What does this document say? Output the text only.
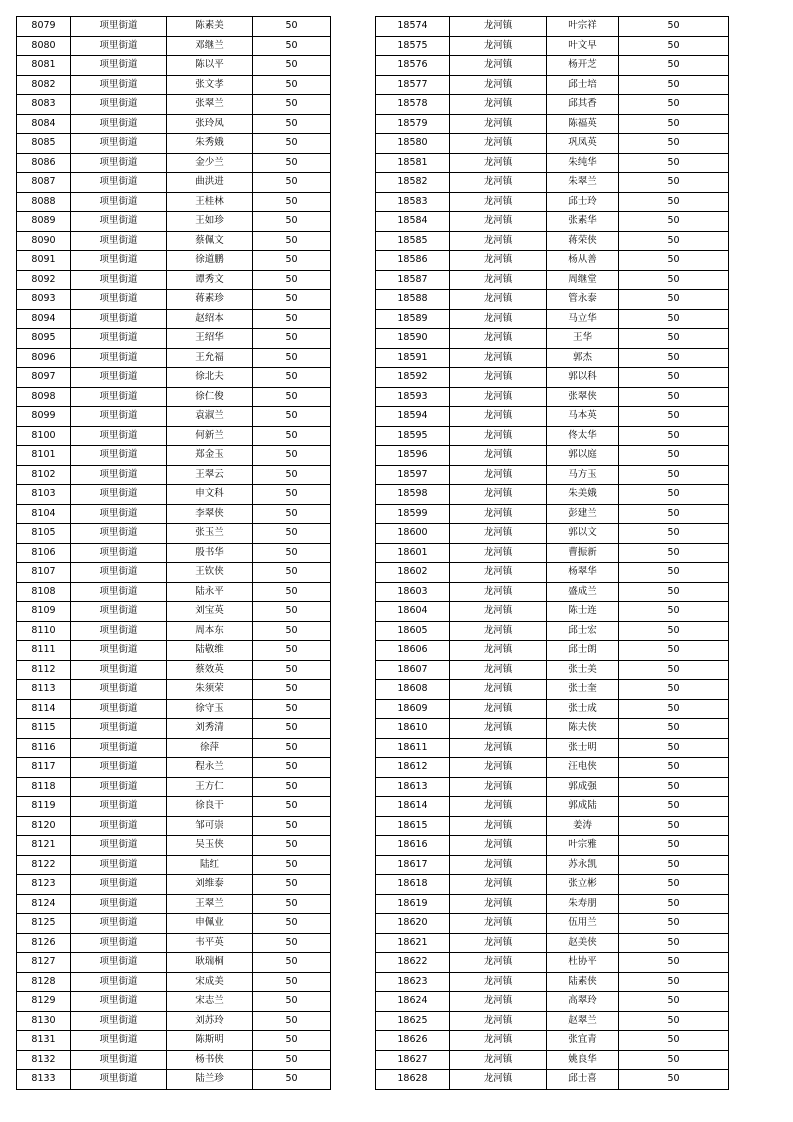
8079	项里街道	陈素美	50
8080	项里街道	邓继兰	50
8081	项里街道	陈以平	50
8082	项里街道	张文孝	50
8083	项里街道	张翠兰	50
8084	项里街道	张玲凤	50
8085	项里街道	朱秀娥	50
8086	项里街道	金少兰	50
8087	项里街道	曲洪进	50
8088	项里街道	王桂林	50
8089	项里街道	王如珍	50
8090	项里街道	蔡佩文	50
8091	项里街道	徐道鹏	50
8092	项里街道	谭秀文	50
8093	项里街道	蒋素珍	50
8094	项里街道	赵绍本	50
8095	项里街道	王绍华	50
8096	项里街道	王允福	50
8097	项里街道	徐北夫	50
8098	项里街道	徐仁俊	50
8099	项里街道	袁淑兰	50
8100	项里街道	何新兰	50
8101	项里街道	郑金玉	50
8102	项里街道	王翠云	50
8103	项里街道	申文科	50
8104	项里街道	李翠侠	50
8105	项里街道	张玉兰	50
8106	项里街道	殷书华	50
8107	项里街道	王钦侠	50
8108	项里街道	陆永平	50
8109	项里街道	刘宝英	50
8110	项里街道	周本东	50
8111	项里街道	陆敬维	50
8112	项里街道	蔡效英	50
8113	项里街道	朱须荣	50
8114	项里街道	徐守玉	50
8115	项里街道	刘秀清	50
8116	项里街道	徐萍	50
8117	项里街道	程永兰	50
8118	项里街道	王方仁	50
8119	项里街道	徐良干	50
8120	项里街道	邹可崇	50
8121	项里街道	吴玉侠	50
8122	项里街道	陆红	50
8123	项里街道	刘维泰	50
8124	项里街道	王翠兰	50
8125	项里街道	申佩业	50
8126	项里街道	韦平英	50
8127	项里街道	耿瑞桐	50
8128	项里街道	宋成美	50
8129	项里街道	宋志兰	50
8130	项里街道	刘苏玲	50
8131	项里街道	陈斯明	50
8132	项里街道	杨书侠	50
8133	项里街道	陆兰珍	50
18574	龙河镇	叶宗祥	50
18575	龙河镇	叶文早	50
18576	龙河镇	杨开芝	50
18577	龙河镇	邱士培	50
18578	龙河镇	邱其香	50
18579	龙河镇	陈福英	50
18580	龙河镇	巩凤英	50
18581	龙河镇	朱纯华	50
18582	龙河镇	朱翠兰	50
18583	龙河镇	邱士玲	50
18584	龙河镇	张素华	50
18585	龙河镇	蒋荣侠	50
18586	龙河镇	杨从善	50
18587	龙河镇	周继堂	50
18588	龙河镇	管永泰	50
18589	龙河镇	马立华	50
18590	龙河镇	王华	50
18591	龙河镇	郭杰	50
18592	龙河镇	郭以科	50
18593	龙河镇	张翠侠	50
18594	龙河镇	马本英	50
18595	龙河镇	佟太华	50
18596	龙河镇	郭以庭	50
18597	龙河镇	马方玉	50
18598	龙河镇	朱美娥	50
18599	龙河镇	彭建兰	50
18600	龙河镇	郭以文	50
18601	龙河镇	曹振新	50
18602	龙河镇	杨翠华	50
18603	龙河镇	盛成兰	50
18604	龙河镇	陈士连	50
18605	龙河镇	邱士宏	50
18606	龙河镇	邱士朗	50
18607	龙河镇	张士美	50
18608	龙河镇	张士奎	50
18609	龙河镇	张士成	50
18610	龙河镇	陈夫侠	50
18611	龙河镇	张士明	50
18612	龙河镇	汪电侠	50
18613	龙河镇	郭成强	50
18614	龙河镇	郭成陆	50
18615	龙河镇	姜涛	50
18616	龙河镇	叶宗雅	50
18617	龙河镇	苏永凯	50
18618	龙河镇	张立彬	50
18619	龙河镇	朱寿朋	50
18620	龙河镇	伍用兰	50
18621	龙河镇	赵美侠	50
18622	龙河镇	杜协平	50
18623	龙河镇	陆素侠	50
18624	龙河镇	高翠玲	50
18625	龙河镇	赵翠兰	50
18626	龙河镇	张宜青	50
18627	龙河镇	姚良华	50
18628	龙河镇	邱士喜	50
